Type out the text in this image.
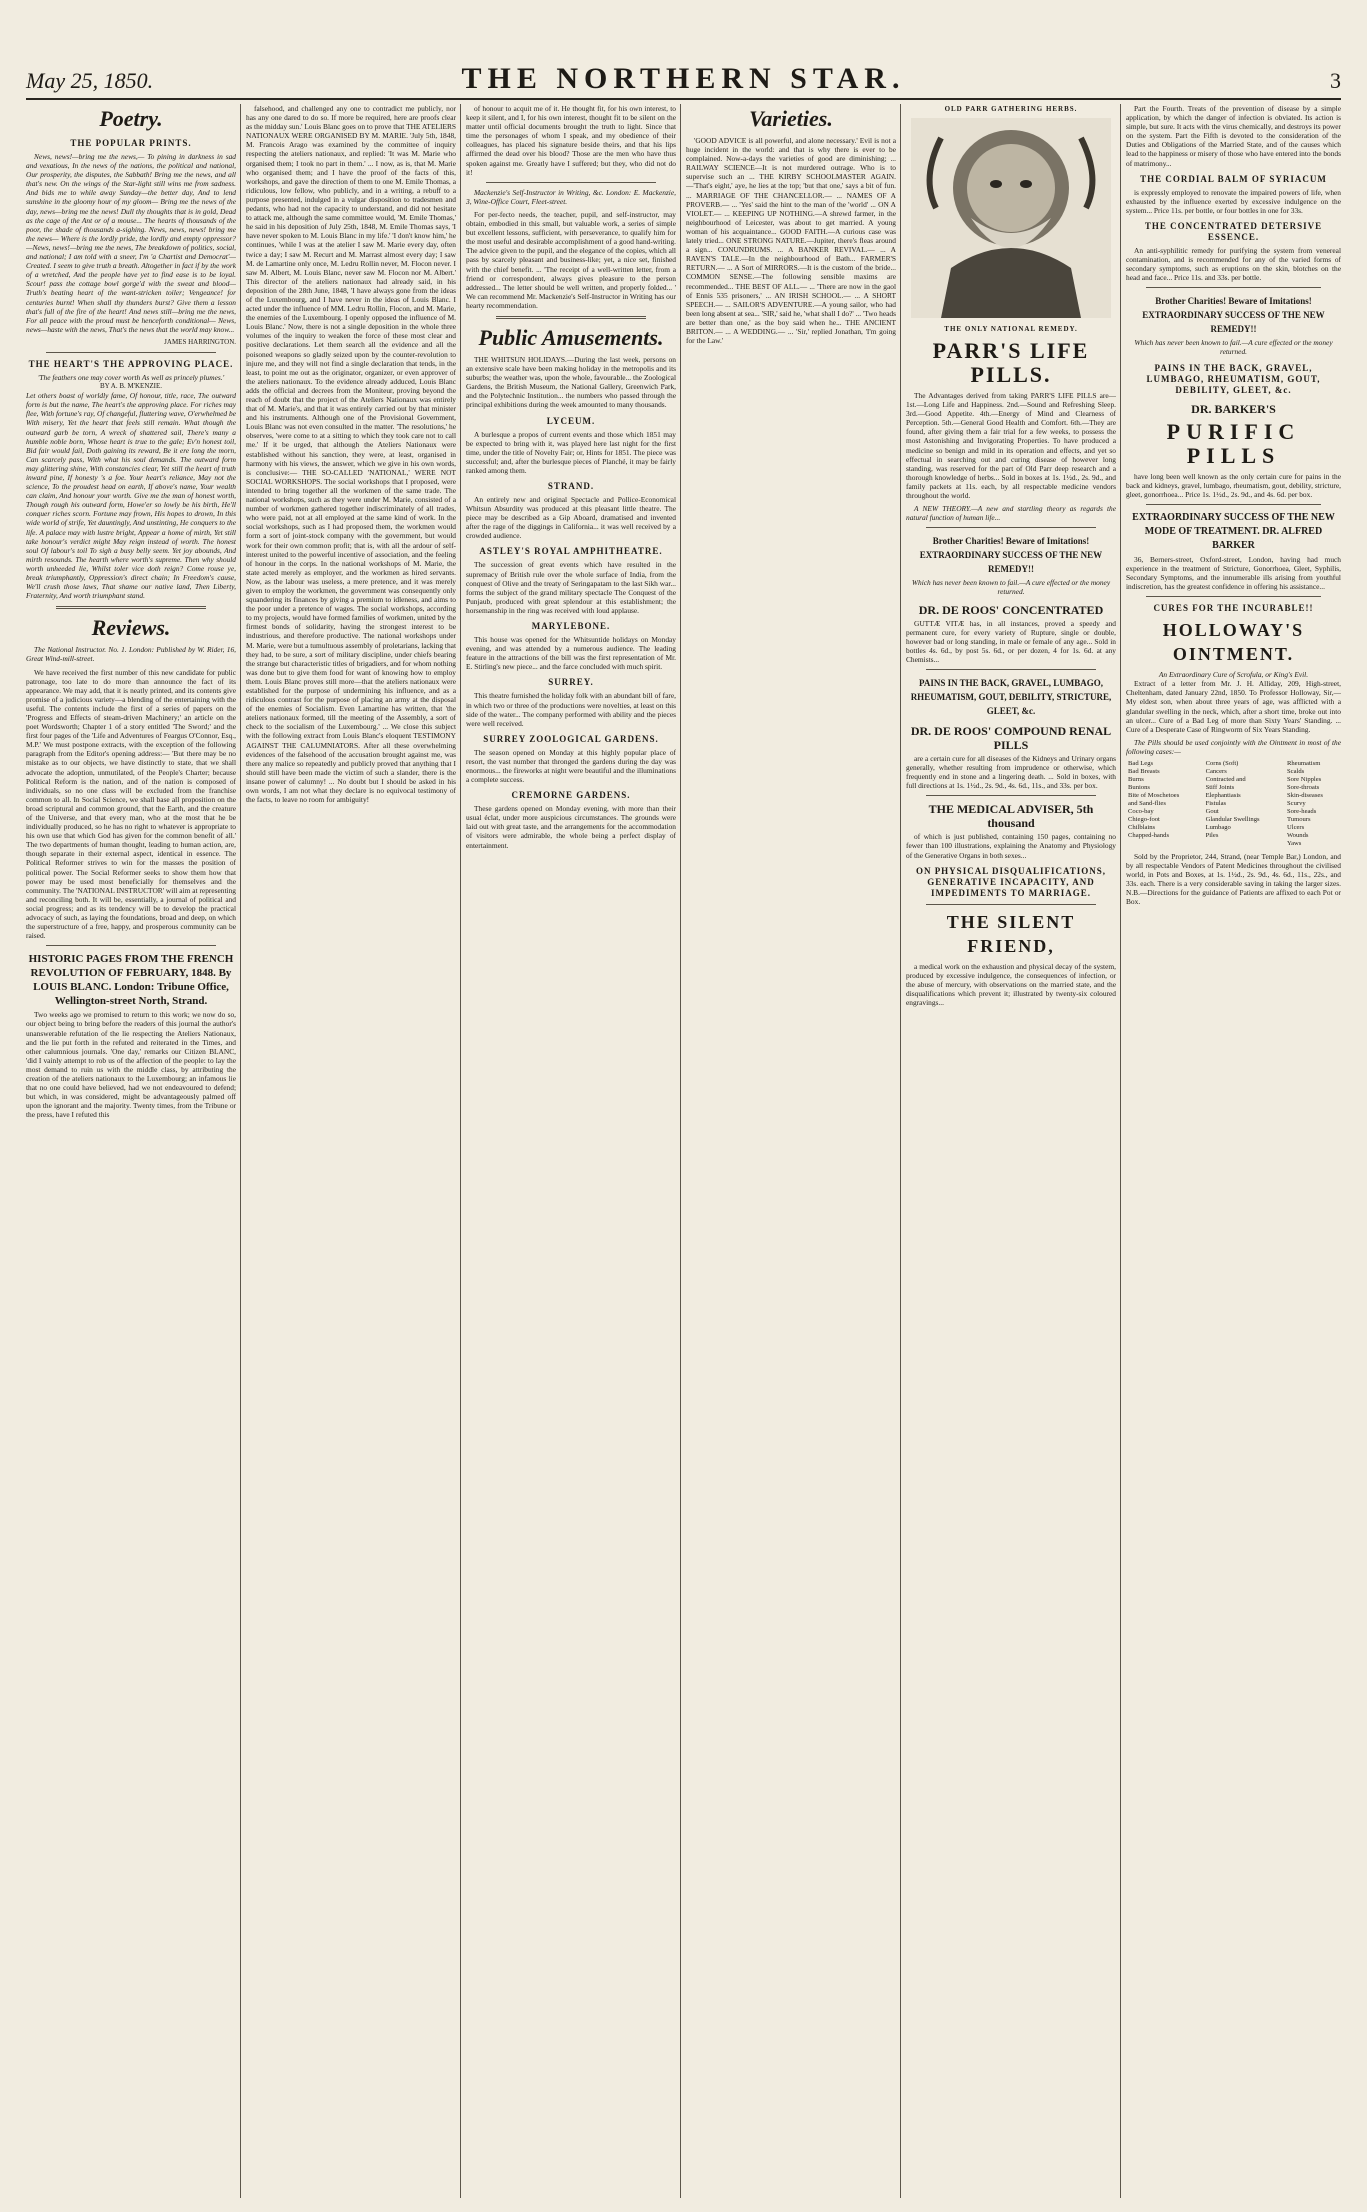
May 25, 1850.	THE NORTHERN STAR.	3
Poetry.
THE POPULAR PRINTS.

News, news!—bring me the news,— To pining in darkness in sad and vexatious, In the news of the nations, the political and national, Our prosperity, the disputes, the Sabbath! Bring me the news, and all that's new. On the wings of the Star-light still wins me from sadness. And bids me to while away Sunday—the better day, And to lend sunshine in the gloomy hour of my gloom— Bring me the news of the day, news—bring me the news! Dull thy thoughts that is in gold, Dead as the cage of the Ant or of a mouse... The hearts of thousands of the poor, the shade of thousands a-sighing. News, news, news! bring me the news— Where is the lordly pride, the lordly and empty oppressor?—News, news!—bring me the news, The breakdown of politics, social, and national; I am told with a sneer, I'm 'a Chartist and Democrat'— Created. I seem to give truth a breath. Altogether in fact if by the work of a wretched, And the people have yet to find ease is to be loyal. Scour! pass the cottage bowl gorge'd with the sweat and blood—Truth's beating heart of the want-stricken toiler; Vengeance! for centuries burnt! When shall thy thunders burst? Give them a lesson that's full of the fire of the heart! And news still—bring me the news, For all peace with the proud must be henceforth conditional— News, news—haste with the news, That's the news that the world may know...

JAMES HARRINGTON.
THE HEART'S THE APPROVING PLACE.
'The feathers one may cover worth As well as princely plumes.'
BY A. B. M'KENZIE.

Let others boast of worldly fame, Of honour, title, race, The outward form is but the name, The heart's the approving place. For riches may flee, With fortune's ray, Of changeful, fluttering wave, O'erwhelmed be With misery, Yet the heart that feels still remain. What though the outward garb be torn, A wreck of shattered sail, There's many a humble noble born, Whose heart is true to the gale; Ev'n honest toil, Bid fair would fail, Doth gaining its reward, Be it ere long the morn, Can scarcely pass, With what his soul demands. The outward form may glittering shine, With constancies clear, Yet still the heart of truth inward pine, If honesty 's a foe. Your heart's reliance, May not the science, To the proudest head on earth, If above's name, Your wealth can claim, And honour your worth. Give me the man of honest worth, Though rough his outward form, Howe'er so lowly be his birth, He'll conquer riches scorn. Fortune may frown, His hopes to drown, In this wide world of strife, Yet dauntingly, And unstinting, He conquers to the life. A palace may with lustre bright, Appear a home of mirth, Yet still take honour's verdict might May reign instead of worth. The honest soul Of labour's toil To sigh a busy belly seem. Yet joy abounds, And mirth resounds. The hearth where worth's supreme. Then why should worth unheeded lie, Whilst toler vice doth reign? Come rouse ye, break triumphantly, Oppression's direct chain; In Freedom's cause, We'll crush those laws, That shame our native land, Then Liberty, Fraternity, And worth triumphant stand.

Reviews.

The National Instructor. No. 1. London: Published by W. Rider, 16, Great Wind-mill-street.

We have received the first number of this new candidate for public patronage, too late to do more than announce the fact of its appearance. We may add, that it is neatly printed, and its contents give promise of a judicious variety—a blending of the entertaining with the useful. The contents include the first of a series of papers on the 'Progress and Effects of steam-driven Machinery;' an article on the poet Wordsworth; Chapter 1 of a story entitled 'The Sword;' and the first four pages of the 'Life and Adventures of Feargus O'Connor, Esq., M.P.' We must postpone extracts, with the exception of the following paragraph from the Editor's opening address:— 'But there may be no mistake as to our objects, we have distinctly to state, that we shall advocate the adoption, unmutilated, of the People's Charter; because Political Reform is the nation, and of the nation is composed of individuals, so no one class will be excluded from the franchise common to all. In Social Science, we shall base all proposition on the broad scriptural and common ground, that the Earth, and the creature of the Universe, and that every man, who at the most that he be individually produced, so he has no right to whatever is appropriate to his own use that which God has given for the common benefit of all.' The two departments of human thought, leading to human action, are, though separate in their external aspect, identical in essence. The Political Reformer strives to win for the masses the position of political power. The Social Reformer seeks to show them how that power may be used most beneficially for themselves and the community. The 'NATIONAL INSTRUCTOR' will aim at representing and reconciling both. It will be, essentially, a journal of political and social progress; and as its tendency will be to develop the practical advocacy of such, as laying the foundations, broad and deep, on which the superstructure of a free, happy, and prosperous community can be raised.

HISTORIC PAGES FROM THE FRENCH REVOLUTION OF FEBRUARY, 1848. By LOUIS BLANC. London: Tribune Office, Wellington-street North, Strand.

Two weeks ago we promised to return to this work; we now do so, our object being to bring before the readers of this journal the author's unanswerable refutation of the lie respecting the Ateliers Nationaux, and the lie put forth in the refuted and reiterated in the Times, and other calumnious journals. 'One day,' remarks our Citizen BLANC, 'did I vainly attempt to rob us of the affection of the people: to lay the most demand to ruin us with the middle class, by attributing the creation of the ateliers nationaux to the Luxembourg; an infamous lie that no one could have believed, had we not endeavoured to defend; but which, in was considered, might be advantageously palmed off upon the ignorant and the majority. Twenty times, from the Tribune or the press, have I refuted this

falsehood, and challenged any one to contradict me publicly, nor has any one dared to do so. If more be required, here are proofs clear as the midday sun.' Louis Blanc goes on to prove that THE ATELIERS NATIONAUX WERE ORGANISED BY M. MARIE. 'July 5th, 1848, M. Francois Arago was examined by the committee of inquiry respecting the ateliers nationaux, and replied: 'It was M. Marie who organised them; I took no part in them.' ... I now, as is, that M. Marie who organised them; and I have the proof of the facts of this, workshops, and gave the direction of them to one M. Emile Thomas, a ridiculous, low fellow, who publicly, and in a writing, a rebuff to a purpose presented, indulged in a vulgar disposition to tradesmen and pedants, who had not the capacity to understand, and did not hesitate to attack me, although the same committee would, 'M. Emile Thomas,' he said in his deposition of July 25th, 1848, M. Emile Thomas says, 'I have never spoken to M. Louis Blanc in my life.' 'I don't know him,' he continues, 'while I was at the atelier I saw M. Marie every day, often twice a day; I saw M. Recurt and M. Marrast almost every day; I saw M. de Lamartine only once, M. Ledru Rollin never, M. Flocon never. I saw M. Albert, M. Louis Blanc, never saw M. Flocon nor M. Albert.' This director of the ateliers nationaux had already said, in his deposition of the 28th June, 1848, 'I have always gone from the ideas of the Luxembourg, and I have never in the ideas of Louis Blanc. I acted under the influence of MM. Ledru Rollin, Flocon, and M. Marie, the enemies of the Luxembourg. I openly opposed the influence of M. Louis Blanc.' Now, there is not a single deposition in the whole three volumes of the inquiry to weaken the force of these most clear and positive declarations. Let them search all the evidence and all the poisoned weapons so gladly seized upon by the counter-revolution to injure me, and they will not find a single declaration that tends, in the least, to point me out as the originator, organizer, or even approver of the ateliers nationaux. To the evidence already adduced, Louis Blanc adds the official and decrees from the Moniteur, proving beyond the reach of doubt that the project of the Ateliers Nationaux was entirely that of M. Marie's, and that it was entirely carried out by that minister and his instruments. Although one of the Provisional Government, Louis Blanc was not even consulted in the matter. 'The resolutions,' he observes, 'were come to at a sitting to which they took care not to call me.' If it be urged, that although the Ateliers Nationaux were established without his sanction, they were, at least, organised in harmony with his views, the answer, which we give in his own words, is conclusive:— THE SO-CALLED 'NATIONAL,' WERE NOT SOCIAL WORKSHOPS. The social workshops that I proposed, were intended to bring together all the workmen of the same trade. The national workshops, such as they were under M. Marie, consisted of a number of workmen gathered together indiscriminately of all trades, who were paid, not at all employed at the same kind of work. In the social workshops, such as I had proposed them, the workmen would form a sort of joint-stock company with the government, but would work for their own common profit; that is, with all the ardour of self-interest united to the powerful incentive of association, and the feeling of honour in the corps. In the national workshops of M. Marie, the state acted merely as employer, and the workmen as hired servants. Now, as the labour was useless, a mere pretence, and it was merely given to employ the workmen, the government was consequently only squandering its finances by giving a premium to idleness, and aims to the poor under a pretence of wages. The social workshops, according to my projects, would have formed families of workmen, united by the firmest bonds of solidarity, having the strongest interest to be industrious, and therefore productive. The national workshops under M. Marie, were but a tumultuous assembly of proletarians, lacking that they had, to be sure, a sort of military discipline, under chiefs bearing the strange but characteristic titles of brigadiers, and for whom nothing was done but to give them food for want of knowing how to employ them. Louis Blanc proves still more—that the ateliers nationaux were established for the purpose of undermining his influence, and as a ridiculous contrast for the purpose of placing an army at the disposal of the enemies of Socialism. Even Lamartine has written, that 'the ateliers nationaux formed, till the meeting of the Assembly, a sort of check to the socialism of the Luxembourg.' ... We close this subject with the following extract from Louis Blanc's eloquent TESTIMONY AGAINST THE CALUMNIATORS. After all these overwhelming evidences of the falsehood of the accusation brought against me, was there any malice so repeatedly and publicly proved that anything that I should still have been made the victim of such a slander, there is the insane power of calumny! ... No doubt but I should be asked in his own words, I am not what they declare is no equivocal testimony of the facts, to leave no room for ambiguity!

of honour to acquit me of it. He thought fit, for his own interest, to keep it silent, and I, for his own interest, thought fit to be silent on the matter until official documents brought the truth to light. Since that time the personages of whom I speak, and my obedience of their colleagues, has placed his signature beside theirs, and that his lips affirmed the dead over his blood? Those are the men who have thus spoken against me. Greatly have I suffered; but they, who did not do it!

Mackenzie's Self-Instructor in Writing, &c. London: E. Mackenzie, 3, Wine-Office Court, Fleet-street.

For per-fecto needs, the teacher, pupil, and self-instructor, may obtain, embodied in this small, but valuable work, a series of simple but excellent lessons, sufficient, with perseverance, to qualify him for the most useful and desirable accomplishment of a good hand-writing. The advice given to the pupil, and the elegance of the copies, which all pass by scarcely pleasant and business-like; yet, a nice set, finished with the chief benefit. ... 'The receipt of a well-written letter, from a friend or correspondent, always gives pleasure to the person addressed... The letter should be well written, and properly folded... ' We can recommend Mr. Mackenzie's Self-Instructor in Writing has our hearty recommendation.

Public Amusements.

THE WHITSUN HOLIDAYS.—During the last week, persons on an extensive scale have been making holiday in the metropolis and its suburbs; the weather was, upon the whole, favourable... the Zoological Gardens, the British Museum, the National Gallery, Greenwich Park, and the Polytechnic Institution... the numbers who passed through the principal exhibitions during the week amounted to many thousands.

LYCEUM.

A burlesque a propos of current events and those which 1851 may be expected to bring with it, was played here last night for the first time, under the title of Novelty Fair; or, Hints for 1851. The piece was successful; and, after the burlesque pieces of Planché, it may be fairly ranked among them.

STRAND.

An entirely new and original Spectacle and Pollice-Economical Whitsun Absurdity was produced at this pleasant little theatre. The piece may be described as a Gip Aboard, dramatised and invented after the rage of the diggings in California... it was well received by a crowded audience.

ASTLEY'S ROYAL AMPHITHEATRE.

The succession of great events which have resulted in the supremacy of British rule over the whole surface of India, from the conquest of Olive and the treaty of Seringapatam to the last Sikh war... forms the subject of the grand military spectacle The Conquest of the Punjaub, produced with great splendour at this establishment; the horsemanship in the ring was received with loud applause.

MARYLEBONE.

This house was opened for the Whitsuntide holidays on Monday evening, and was attended by a numerous audience. The leading feature in the attractions of the bill was the first representation of Mr. E. Stirling's new piece... and the farce concluded with much spirit.

SURREY.

This theatre furnished the holiday folk with an abundant bill of fare, in which two or three of the productions were novelties, at least on this side of the water... The company performed with ability and the pieces were well received.

SURREY ZOOLOGICAL GARDENS.

The season opened on Monday at this highly popular place of resort, the vast number that thronged the gardens during the day was enormous... the fireworks at night were beautiful and the illuminations a complete success.

CREMORNE GARDENS.

These gardens opened on Monday evening, with more than their usual éclat, under more auspicious circumstances. The grounds were laid out with great taste, and the arrangements for the accommodation of visitors were admirable, the whole being a perfect display of entertainment.

Varieties.

'GOOD ADVICE is all powerful, and alone necessary.' Evil is not a huge incident in the world: and that is why there is ever to be complained. Now-a-days the varieties of good are diminishing; ... RAILWAY SCIENCE—It is not murdered outrage. Who is to supervise such an ... THE KIRBY SCHOOLMASTER AGAIN.—'That's eight,' aye, he lies at the top; 'but that one,' says a bit of fun. ... MARRIAGE OF THE CHANCELLOR.— ... NAMES OF A PROVERB.— ... 'Yes' said the hint to the man of the 'world' ... ON A VIOLET.— ... KEEPING UP NOTHING.—A shrewd farmer, in the neighbourhood of Leicester, was about to get married. A young woman of his acquaintance... GOOD FAITH.—A curious case was lately tried... ONE STRONG NATURE.—Jupiter, there's fleas around a sign... CONUNDRUMS. ... A BANKER REVIVAL.— ... A RAVEN'S TALE.—In the neighbourhood of Bath... FARMER'S RETURN.— ... A Sort of MIRRORS.—It is the custom of the bride... COMMON SENSE.—The following sensible maxims are recommended... THE BEST OF ALL.— ... 'There are now in the gaol of Ennis 535 prisoners,' ... AN IRISH SCHOOL.— ... A SHORT SPEECH.— ... SAILOR'S ADVENTURE.—A young sailor, who had been long absent at sea... 'SIR,' said he, 'what shall I do?' ... 'Two heads are better than one,' as the boy said when he... THE ANCIENT BRITON.— ... A WEDDING.— ... 'Sir,' replied Jonathan, 'I'm going for the Law.'

OLD PARR GATHERING HERBS.
THE ONLY NATIONAL REMEDY.
PARR'S LIFE PILLS.

The Advantages derived from taking PARR'S LIFE PILLS are— 1st.—Long Life and Happiness. 2nd.—Sound and Refreshing Sleep. 3rd.—Good Appetite. 4th.—Energy of Mind and Clearness of Perception. 5th.—General Good Health and Comfort. 6th.—They are found, after giving them a fair trial for a few weeks, to possess the most Astonishing and Invigorating Properties. To have produced a medicine so benign and mild in its operation and effects, and yet so effectual in searching out and curing disease of however long standing, was reserved for the part of Old Parr deep research and a thorough knowledge of herbs... Sold in boxes at 1s. 1½d., 2s. 9d., and family packets at 11s. each, by all respectable medicine vendors throughout the world.

A NEW THEORY.—A new and startling theory as regards the natural function of human life...

Brother Charities! Beware of Imitations! EXTRAORDINARY SUCCESS OF THE NEW REMEDY!!
Which has never been known to fail.—A cure effected or the money returned.
DR. DE ROOS' CONCENTRATED

GUTTÆ VITÆ has, in all instances, proved a speedy and permanent cure, for every variety of Rupture, single or double, however bad or long standing, in male or female of any age... Sold in bottles 4s. 6d., by post 5s. 6d., or per dozen, 4 for 1s. 6d. at any Chemists...

PAINS IN THE BACK, GRAVEL, LUMBAGO, RHEUMATISM, GOUT, DEBILITY, STRICTURE, GLEET, &c.
DR. DE ROOS' COMPOUND RENAL PILLS

are a certain cure for all diseases of the Kidneys and Urinary organs generally, whether resulting from imprudence or otherwise, which frequently end in stone and a lingering death. ... Sold in boxes, with full directions at 1s. 1½d., 2s. 9d., 4s. 6d., 11s., and 33s. per box.

THE MEDICAL ADVISER, 5th thousand

of which is just published, containing 150 pages, containing no fewer than 100 illustrations, explaining the Anatomy and Physiology of the Generative Organs in both sexes...

ON PHYSICAL DISQUALIFICATIONS, GENERATIVE INCAPACITY, AND IMPEDIMENTS TO MARRIAGE.
THE SILENT FRIEND,

a medical work on the exhaustion and physical decay of the system, produced by excessive indulgence, the consequences of infection, or the abuse of mercury, with observations on the married state, and the disqualifications which prevent it; illustrated by twenty-six coloured engravings...

Part the Fourth. Treats of the prevention of disease by a simple application, by which the danger of infection is obviated. Its action is simple, but sure. It acts with the virus chemically, and destroys its power on the system. Part the Fifth is devoted to the consideration of the Duties and Obligations of the Married State, and of the causes which lead to the happiness or misery of those who have entered into the bonds of matrimony...

THE CORDIAL BALM OF SYRIACUM

is expressly employed to renovate the impaired powers of life, when exhausted by the influence exerted by excessive indulgence on the system... Price 11s. per bottle, or four bottles in one for 33s.

THE CONCENTRATED DETERSIVE ESSENCE.

An anti-syphilitic remedy for purifying the system from venereal contamination, and is recommended for any of the varied forms of secondary symptoms, such as eruptions on the skin, blotches on the head and face... Price 11s. and 33s. per bottle.

Brother Charities! Beware of Imitations! EXTRAORDINARY SUCCESS OF THE NEW REMEDY!!
Which has never been known to fail.—A cure effected or the money returned.
PAINS IN THE BACK, GRAVEL, LUMBAGO, RHEUMATISM, GOUT, DEBILITY, GLEET, &c.
DR. BARKER'S
PURIFIC PILLS

have long been well known as the only certain cure for pains in the back and kidneys, gravel, lumbago, rheumatism, gout, debility, stricture, gleet, gonorrhoea... Price 1s. 1½d., 2s. 9d., and 4s. 6d. per box.

EXTRAORDINARY SUCCESS OF THE NEW MODE OF TREATMENT. DR. ALFRED BARKER

36, Berners-street, Oxford-street, London, having had much experience in the treatment of Stricture, Gonorrhoea, Gleet, Syphilis, Secondary Symptoms, and the innumerable ills arising from youthful indiscretion, has the greatest confidence in offering his assistance...

CURES FOR THE INCURABLE!!
HOLLOWAY'S OINTMENT.
An Extraordinary Cure of Scrofula, or King's Evil.

Extract of a letter from Mr. J. H. Alliday, 209, High-street, Cheltenham, dated January 22nd, 1850. To Professor Holloway, Sir,—My eldest son, when about three years of age, was afflicted with a glandular swelling in the neck, which, after a short time, broke out into an ulcer... Cure of a Bad Leg of more than Sixty Years' Standing. ... Cure of a Desperate Case of Ringworm of Six Years Standing.

The Pills should be used conjointly with the Ointment in most of the following cases:—

Bad Legs	Corns (Soft)	Rheumatism
Bad Breasts	Cancers	Scalds
Burns	Contracted and	Sore Nipples
Bunions	Stiff Joints	Sore-throats
Bite of Moschetoes	Elephantiasis	Skin-diseases
and Sand-flies	Fistulas	Scurvy
Coco-bay	Gout	Sore-heads
Chiego-foot	Glandular Swellings	Tumours
Chilblains	Lumbago	Ulcers
Chapped-hands	Piles	Wounds
		Yaws

Sold by the Proprietor, 244, Strand, (near Temple Bar,) London, and by all respectable Vendors of Patent Medicines throughout the civilised world, in Pots and Boxes, at 1s. 1½d., 2s. 9d., 4s. 6d., 11s., 22s., and 33s. each. There is a very considerable saving in taking the larger sizes. N.B.—Directions for the guidance of Patients are affixed to each Pot or Box.
